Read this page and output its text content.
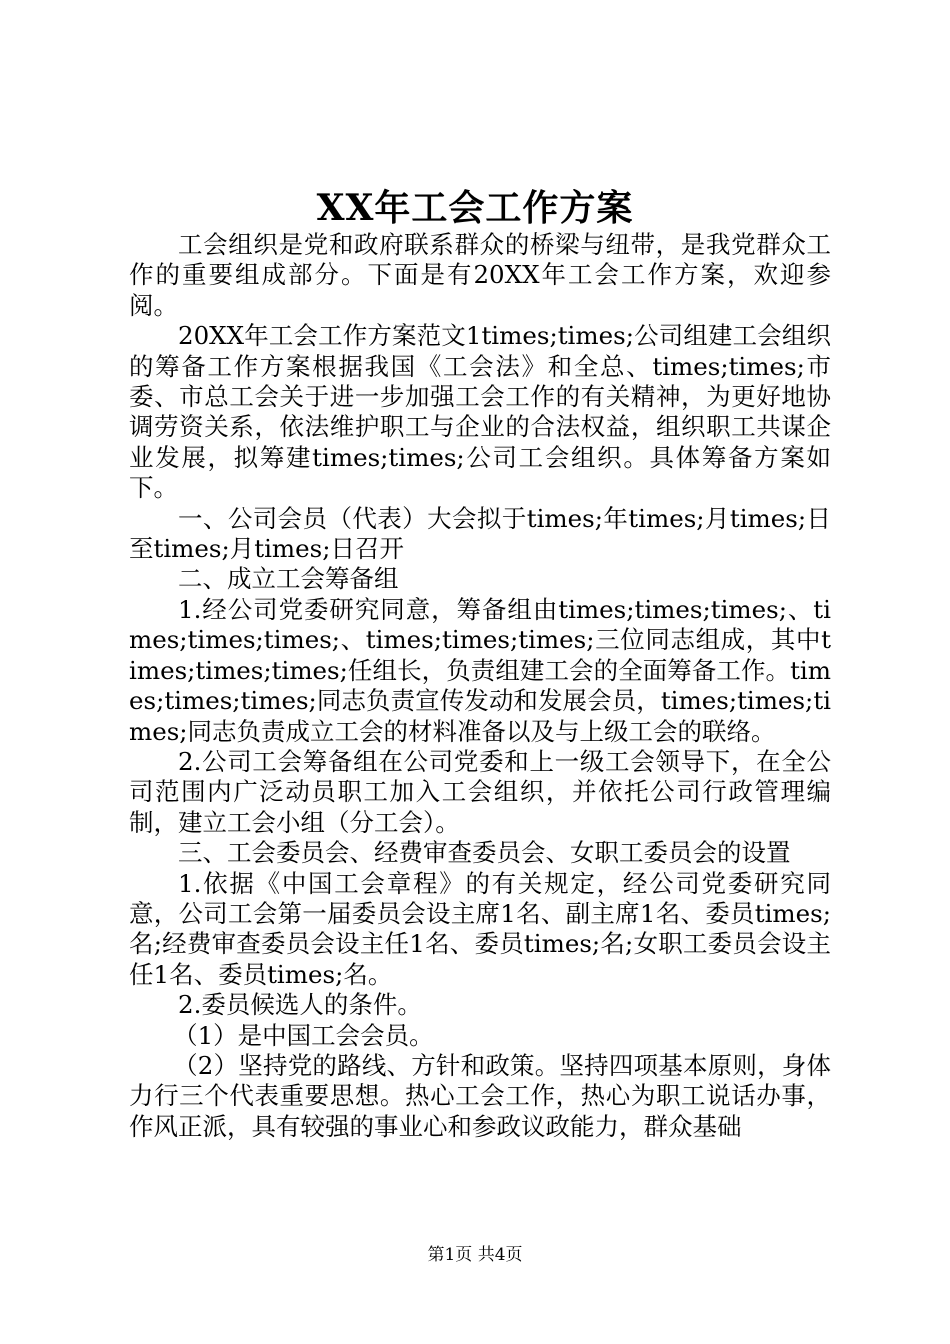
XX年工会工作方案

工会组织是党和政府联系群众的桥梁与纽带，是我党群众工作的重要组成部分。下面是有20XX年工会工作方案，欢迎参阅。

20XX年工会工作方案范文1times;times;公司组建工会组织的筹备工作方案根据我国《工会法》和全总、times;times;市委、市总工会关于进一步加强工会工作的有关精神，为更好地协调劳资关系，依法维护职工与企业的合法权益，组织职工共谋企业发展，拟筹建times;times;公司工会组织。具体筹备方案如下。

一、公司会员（代表）大会拟于times;年times;月times;日至times;月times;日召开

二、成立工会筹备组

1.经公司党委研究同意，筹备组由times;times;times;、times;times;times;、times;times;times;三位同志组成，其中times;times;times;任组长，负责组建工会的全面筹备工作。times;times;times;同志负责宣传发动和发展会员，times;times;times;同志负责成立工会的材料准备以及与上级工会的联络。

2.公司工会筹备组在公司党委和上一级工会领导下，在全公司范围内广泛动员职工加入工会组织，并依托公司行政管理编制，建立工会小组（分工会）。

三、工会委员会、经费审查委员会、女职工委员会的设置

1.依据《中国工会章程》的有关规定，经公司党委研究同意，公司工会第一届委员会设主席1名、副主席1名、委员times;名;经费审查委员会设主任1名、委员times;名;女职工委员会设主任1名、委员times;名。

2.委员候选人的条件。

（1）是中国工会会员。

（2）坚持党的路线、方针和政策。坚持四项基本原则，身体力行三个代表重要思想。热心工会工作，热心为职工说话办事，作风正派，具有较强的事业心和参政议政能力，群众基础

第1页 共4页
